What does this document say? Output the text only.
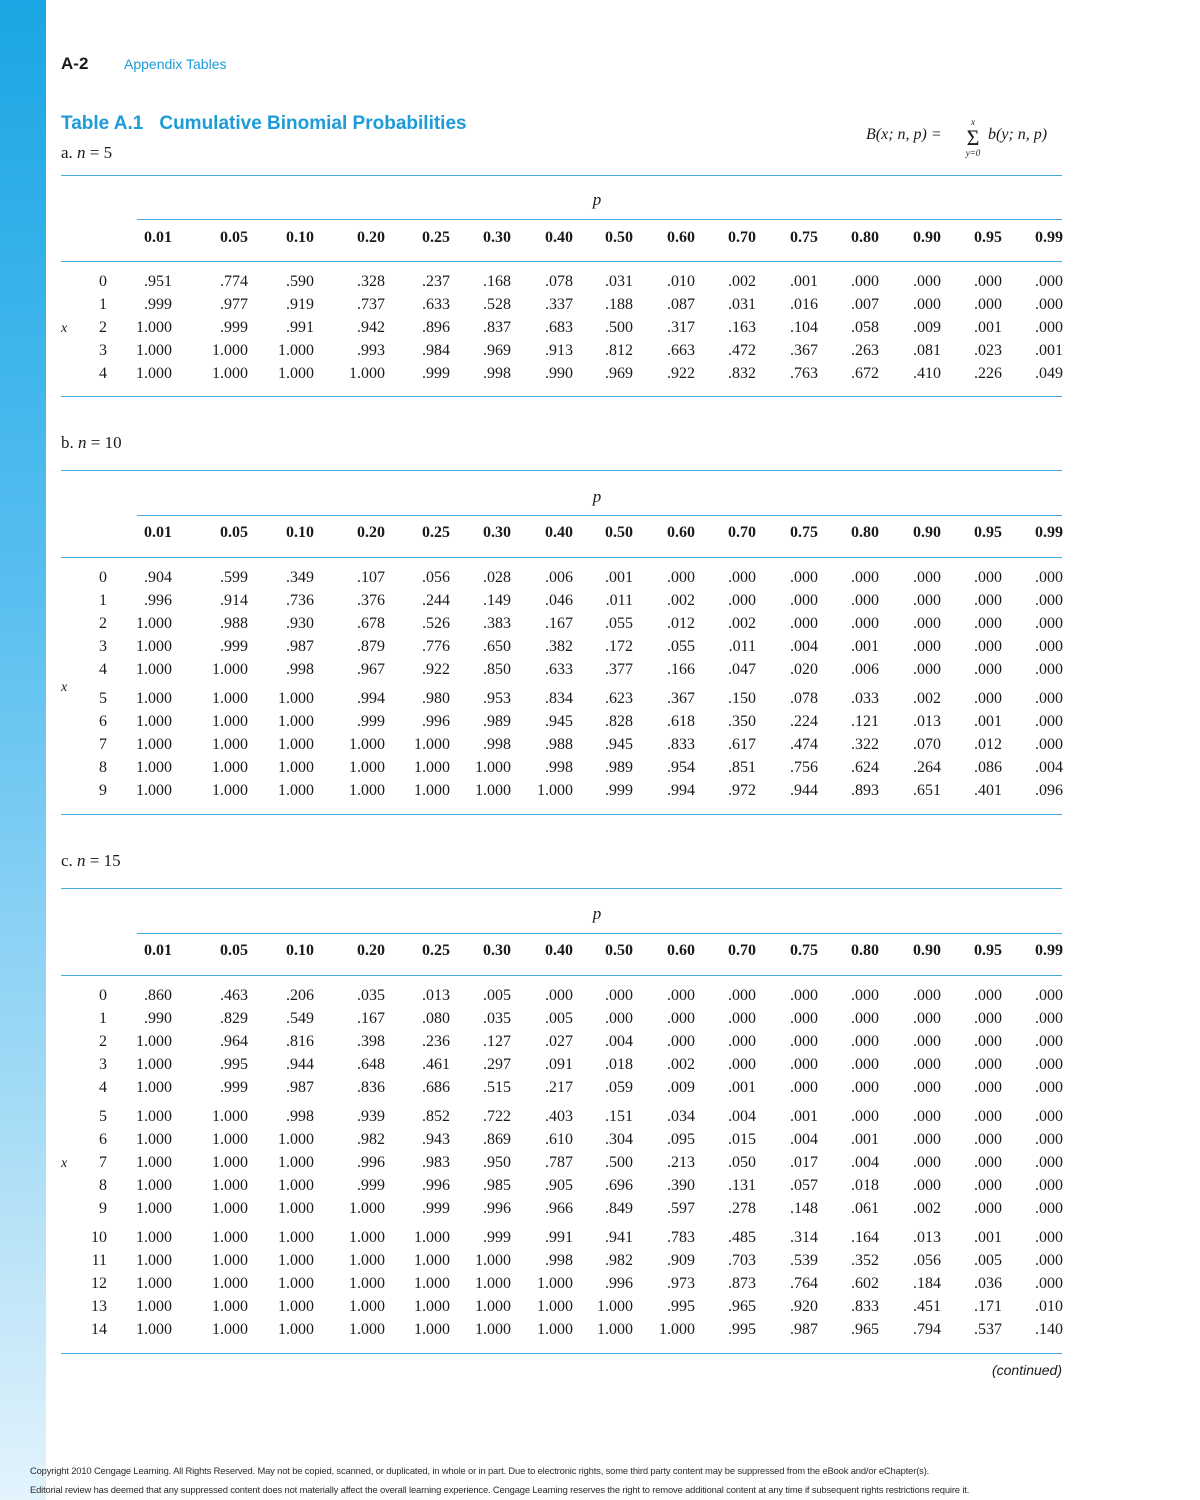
A-2	Appendix Tables
Table A.1 Cumulative Binomial Probabilities
B(x; n, p) =
x
Σ
y=0
b(y; n, p)
a. n = 5
p
0.01	0.05	0.10	0.20	0.25	0.30	0.40	0.50	0.60	0.70	0.75	0.80	0.90	0.95	0.99
0	.951	.774	.590	.328	.237	.168	.078	.031	.010	.002	.001	.000	.000	.000	.000
1	.999	.977	.919	.737	.633	.528	.337	.188	.087	.031	.016	.007	.000	.000	.000
2	1.000	.999	.991	.942	.896	.837	.683	.500	.317	.163	.104	.058	.009	.001	.000
3	1.000	1.000	1.000	.993	.984	.969	.913	.812	.663	.472	.367	.263	.081	.023	.001
4	1.000	1.000	1.000	1.000	.999	.998	.990	.969	.922	.832	.763	.672	.410	.226	.049
x
b. n = 10
p
0.01	0.05	0.10	0.20	0.25	0.30	0.40	0.50	0.60	0.70	0.75	0.80	0.90	0.95	0.99
0	.904	.599	.349	.107	.056	.028	.006	.001	.000	.000	.000	.000	.000	.000	.000
1	.996	.914	.736	.376	.244	.149	.046	.011	.002	.000	.000	.000	.000	.000	.000
2	1.000	.988	.930	.678	.526	.383	.167	.055	.012	.002	.000	.000	.000	.000	.000
3	1.000	.999	.987	.879	.776	.650	.382	.172	.055	.011	.004	.001	.000	.000	.000
4	1.000	1.000	.998	.967	.922	.850	.633	.377	.166	.047	.020	.006	.000	.000	.000
5	1.000	1.000	1.000	.994	.980	.953	.834	.623	.367	.150	.078	.033	.002	.000	.000
6	1.000	1.000	1.000	.999	.996	.989	.945	.828	.618	.350	.224	.121	.013	.001	.000
7	1.000	1.000	1.000	1.000	1.000	.998	.988	.945	.833	.617	.474	.322	.070	.012	.000
8	1.000	1.000	1.000	1.000	1.000	1.000	.998	.989	.954	.851	.756	.624	.264	.086	.004
9	1.000	1.000	1.000	1.000	1.000	1.000	1.000	.999	.994	.972	.944	.893	.651	.401	.096
x
c. n = 15
p
0.01	0.05	0.10	0.20	0.25	0.30	0.40	0.50	0.60	0.70	0.75	0.80	0.90	0.95	0.99
0	.860	.463	.206	.035	.013	.005	.000	.000	.000	.000	.000	.000	.000	.000	.000
1	.990	.829	.549	.167	.080	.035	.005	.000	.000	.000	.000	.000	.000	.000	.000
2	1.000	.964	.816	.398	.236	.127	.027	.004	.000	.000	.000	.000	.000	.000	.000
3	1.000	.995	.944	.648	.461	.297	.091	.018	.002	.000	.000	.000	.000	.000	.000
4	1.000	.999	.987	.836	.686	.515	.217	.059	.009	.001	.000	.000	.000	.000	.000
5	1.000	1.000	.998	.939	.852	.722	.403	.151	.034	.004	.001	.000	.000	.000	.000
6	1.000	1.000	1.000	.982	.943	.869	.610	.304	.095	.015	.004	.001	.000	.000	.000
7	1.000	1.000	1.000	.996	.983	.950	.787	.500	.213	.050	.017	.004	.000	.000	.000
8	1.000	1.000	1.000	.999	.996	.985	.905	.696	.390	.131	.057	.018	.000	.000	.000
9	1.000	1.000	1.000	1.000	.999	.996	.966	.849	.597	.278	.148	.061	.002	.000	.000
10	1.000	1.000	1.000	1.000	1.000	.999	.991	.941	.783	.485	.314	.164	.013	.001	.000
11	1.000	1.000	1.000	1.000	1.000	1.000	.998	.982	.909	.703	.539	.352	.056	.005	.000
12	1.000	1.000	1.000	1.000	1.000	1.000	1.000	.996	.973	.873	.764	.602	.184	.036	.000
13	1.000	1.000	1.000	1.000	1.000	1.000	1.000	1.000	.995	.965	.920	.833	.451	.171	.010
14	1.000	1.000	1.000	1.000	1.000	1.000	1.000	1.000	1.000	.995	.987	.965	.794	.537	.140
x
(continued)
Copyright 2010 Cengage Learning. All Rights Reserved. May not be copied, scanned, or duplicated, in whole or in part. Due to electronic rights, some third party content may be suppressed from the eBook and/or eChapter(s).
Editorial review has deemed that any suppressed content does not materially affect the overall learning experience. Cengage Learning reserves the right to remove additional content at any time if subsequent rights restrictions require it.
